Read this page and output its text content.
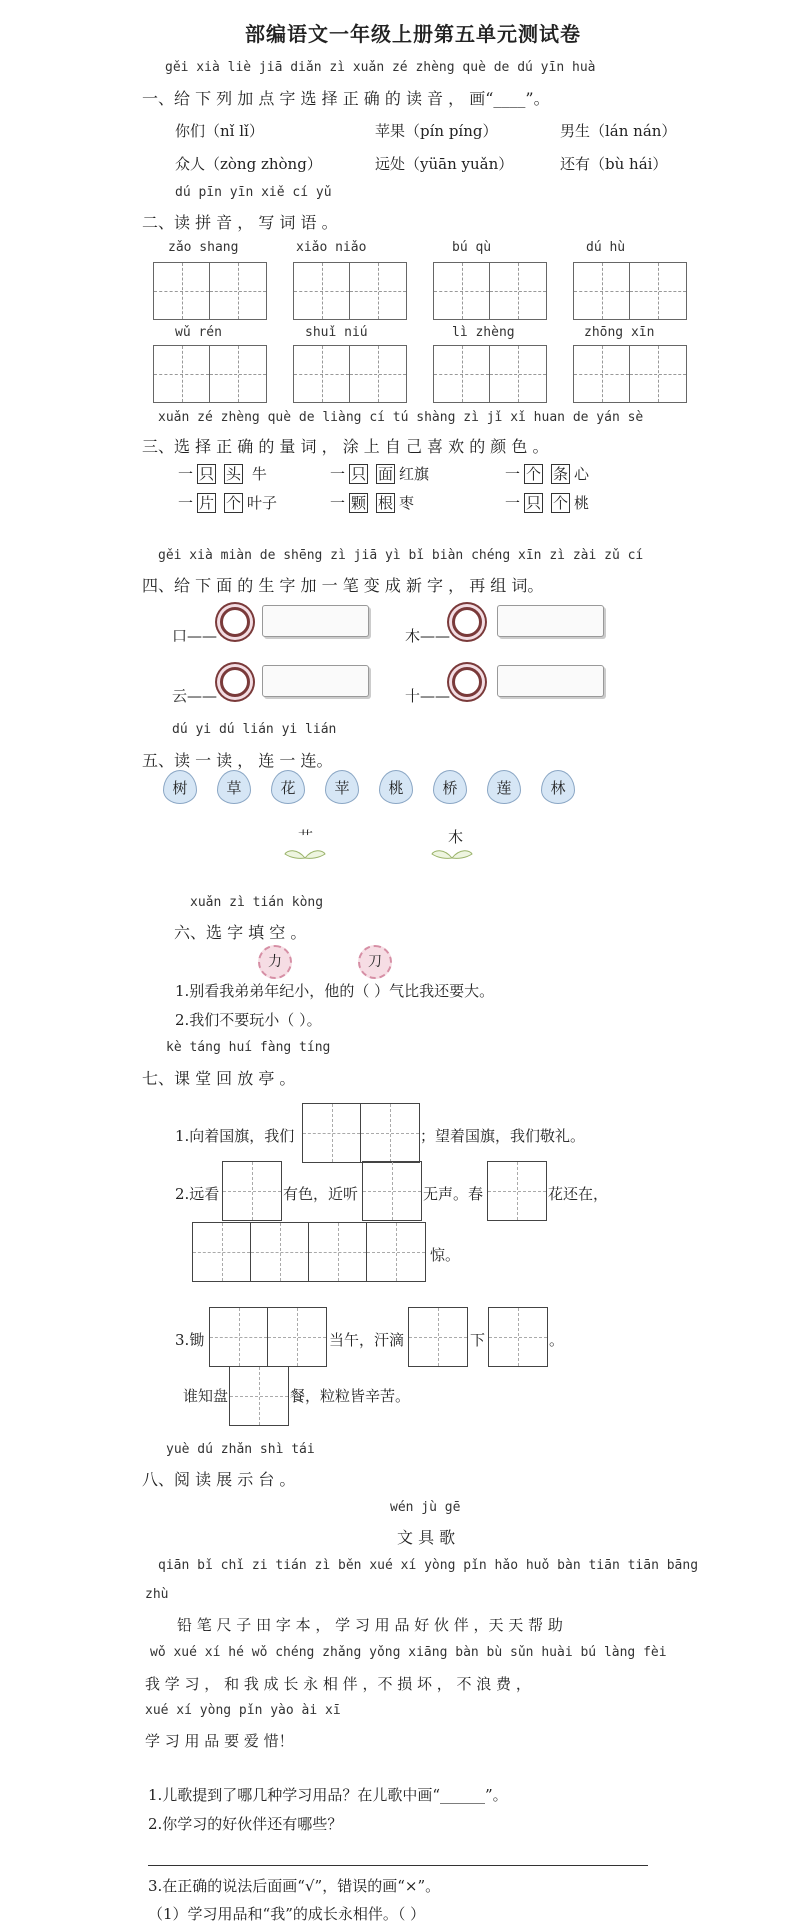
部编语文一年级上册第五单元测试卷
gěi xià liè jiā diǎn zì xuǎn zé zhèng què de dú yīn huà
一、给 下 列 加 点 字 选 择 正 确 的 读 音 ， 画“____”。
你们（nǐ lǐ）	苹果（pín píng）	男生（lán nán）
众人（zòng zhòng）	远处（yüān yuǎn）	还有（bù hái）
dú pīn yīn xiě cí yǔ
二、读 拼 音 ， 写 词 语 。
zǎo shang	xiǎo niǎo	bú qù	dú hù
wǔ rén	shuǐ niú	lì zhèng	zhōng xīn
xuǎn zé zhèng què de liàng cí tú shàng zì jǐ xǐ huan de yán sè
三、选 择 正 确 的 量 词 ， 涂 上 自 己 喜 欢 的 颜 色 。
一 只 头 牛	一 只 面 红旗	一 个 条 心
一 片 个 叶子	一 颗 根 枣	一 只 个 桃
gěi xià miàn de shēng zì jiā yì bǐ biàn chéng xīn zì zài zǔ cí
四、给 下 面 的 生 字 加 一 笔 变 成 新 字 ， 再 组 词。
口——	木——
云——	十——
dú yi dú lián yi lián
五、读 一 读 ， 连 一 连。
树	草	花	苹	桃	桥	莲	林
艹	木
xuǎn zì tián kòng
六、选 字 填 空 。
力	刀
1.别看我弟弟年纪小，他的（ ）气比我还要大。
2.我们不要玩小（ ）。
kè táng huí fàng tíng
七、课 堂 回 放 亭 。
1.向着国旗，我们	；望着国旗，我们敬礼。
2.远看	有色，近听	无声。春	花还在，
惊。
3.锄	当午，汗滴	下	。
谁知盘	餐，粒粒皆辛苦。
yuè dú zhǎn shì tái
八、阅 读 展 示 台 。
wén jù gē
文 具 歌
qiān bǐ chǐ zi tián zì běn xué xí yòng pǐn hǎo huǒ bàn tiān tiān bāng
zhù
铅 笔 尺 子 田 字 本 ， 学 习 用 品 好 伙 伴 ，天 天 帮 助
wǒ xué xí hé wǒ chéng zhǎng yǒng xiāng bàn bù sǔn huài bú làng fèi
我 学 习 ， 和 我 成 长 永 相 伴 ，不 损 坏 ， 不 浪 费 ，
xué xí yòng pǐn yào ài xī
学 习 用 品 要 爱 惜！
1.儿歌提到了哪几种学习用品？在儿歌中画“______”。
2.你学习的好伙伴还有哪些？
3.在正确的说法后面画“√”，错误的画“×”。
（1）学习用品和“我”的成长永相伴。（ ）
